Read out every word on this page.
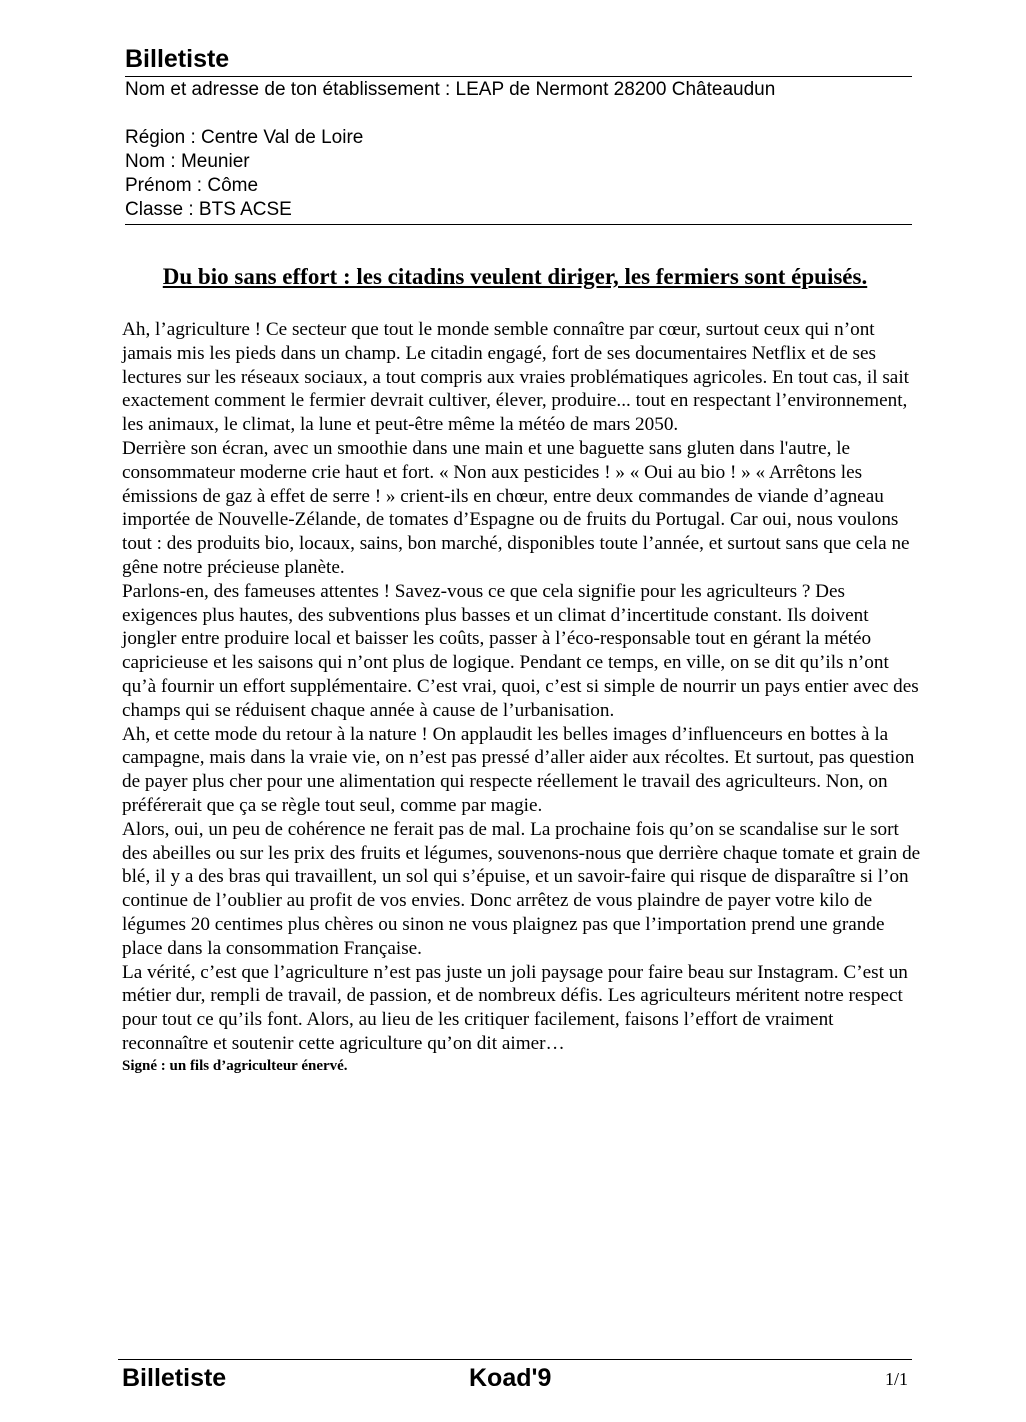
Billetiste
Nom et adresse de ton établissement : LEAP de Nermont 28200 Châteaudun
Région : Centre Val de Loire
Nom : Meunier
Prénom : Côme
Classe : BTS ACSE
Du bio sans effort : les citadins veulent diriger, les fermiers sont épuisés.

Ah, l’agriculture ! Ce secteur que tout le monde semble connaître par cœur, surtout ceux qui n’ont jamais mis les pieds dans un champ. Le citadin engagé, fort de ses documentaires Netflix et de ses lectures sur les réseaux sociaux, a tout compris aux vraies problématiques agricoles. En tout cas, il sait exactement comment le fermier devrait cultiver, élever, produire... tout en respectant l’environnement, les animaux, le climat, la lune et peut-être même la météo de mars 2050.

Derrière son écran, avec un smoothie dans une main et une baguette sans gluten dans l'autre, le consommateur moderne crie haut et fort. « Non aux pesticides ! » « Oui au bio ! » « Arrêtons les émissions de gaz à effet de serre ! » crient-ils en chœur, entre deux commandes de viande d’agneau importée de Nouvelle-Zélande, de tomates d’Espagne ou de fruits du Portugal. Car oui, nous voulons tout : des produits bio, locaux, sains, bon marché, disponibles toute l’année, et surtout sans que cela ne gêne notre précieuse planète.

Parlons-en, des fameuses attentes ! Savez-vous ce que cela signifie pour les agriculteurs ? Des exigences plus hautes, des subventions plus basses et un climat d’incertitude constant. Ils doivent jongler entre produire local et baisser les coûts, passer à l’éco-responsable tout en gérant la météo capricieuse et les saisons qui n’ont plus de logique. Pendant ce temps, en ville, on se dit qu’ils n’ont qu’à fournir un effort supplémentaire. C’est vrai, quoi, c’est si simple de nourrir un pays entier avec des champs qui se réduisent chaque année à cause de l’urbanisation.

Ah, et cette mode du retour à la nature ! On applaudit les belles images d’influenceurs en bottes à la campagne, mais dans la vraie vie, on n’est pas pressé d’aller aider aux récoltes. Et surtout, pas question de payer plus cher pour une alimentation qui respecte réellement le travail des agriculteurs. Non, on préférerait que ça se règle tout seul, comme par magie.

Alors, oui, un peu de cohérence ne ferait pas de mal. La prochaine fois qu’on se scandalise sur le sort des abeilles ou sur les prix des fruits et légumes, souvenons-nous que derrière chaque tomate et grain de blé, il y a des bras qui travaillent, un sol qui s’épuise, et un savoir-faire qui risque de disparaître si l’on continue de l’oublier au profit de vos envies. Donc arrêtez de vous plaindre de payer votre kilo de légumes 20 centimes plus chères ou sinon ne vous plaignez pas que l’importation prend une grande place dans la consommation Française.

La vérité, c’est que l’agriculture n’est pas juste un joli paysage pour faire beau sur Instagram. C’est un métier dur, rempli de travail, de passion, et de nombreux défis. Les agriculteurs méritent notre respect pour tout ce qu’ils font. Alors, au lieu de les critiquer facilement, faisons l’effort de vraiment reconnaître et soutenir cette agriculture qu’on dit aimer…

Signé : un fils d’agriculteur énervé.

Billetiste	Koad'9	1/1
